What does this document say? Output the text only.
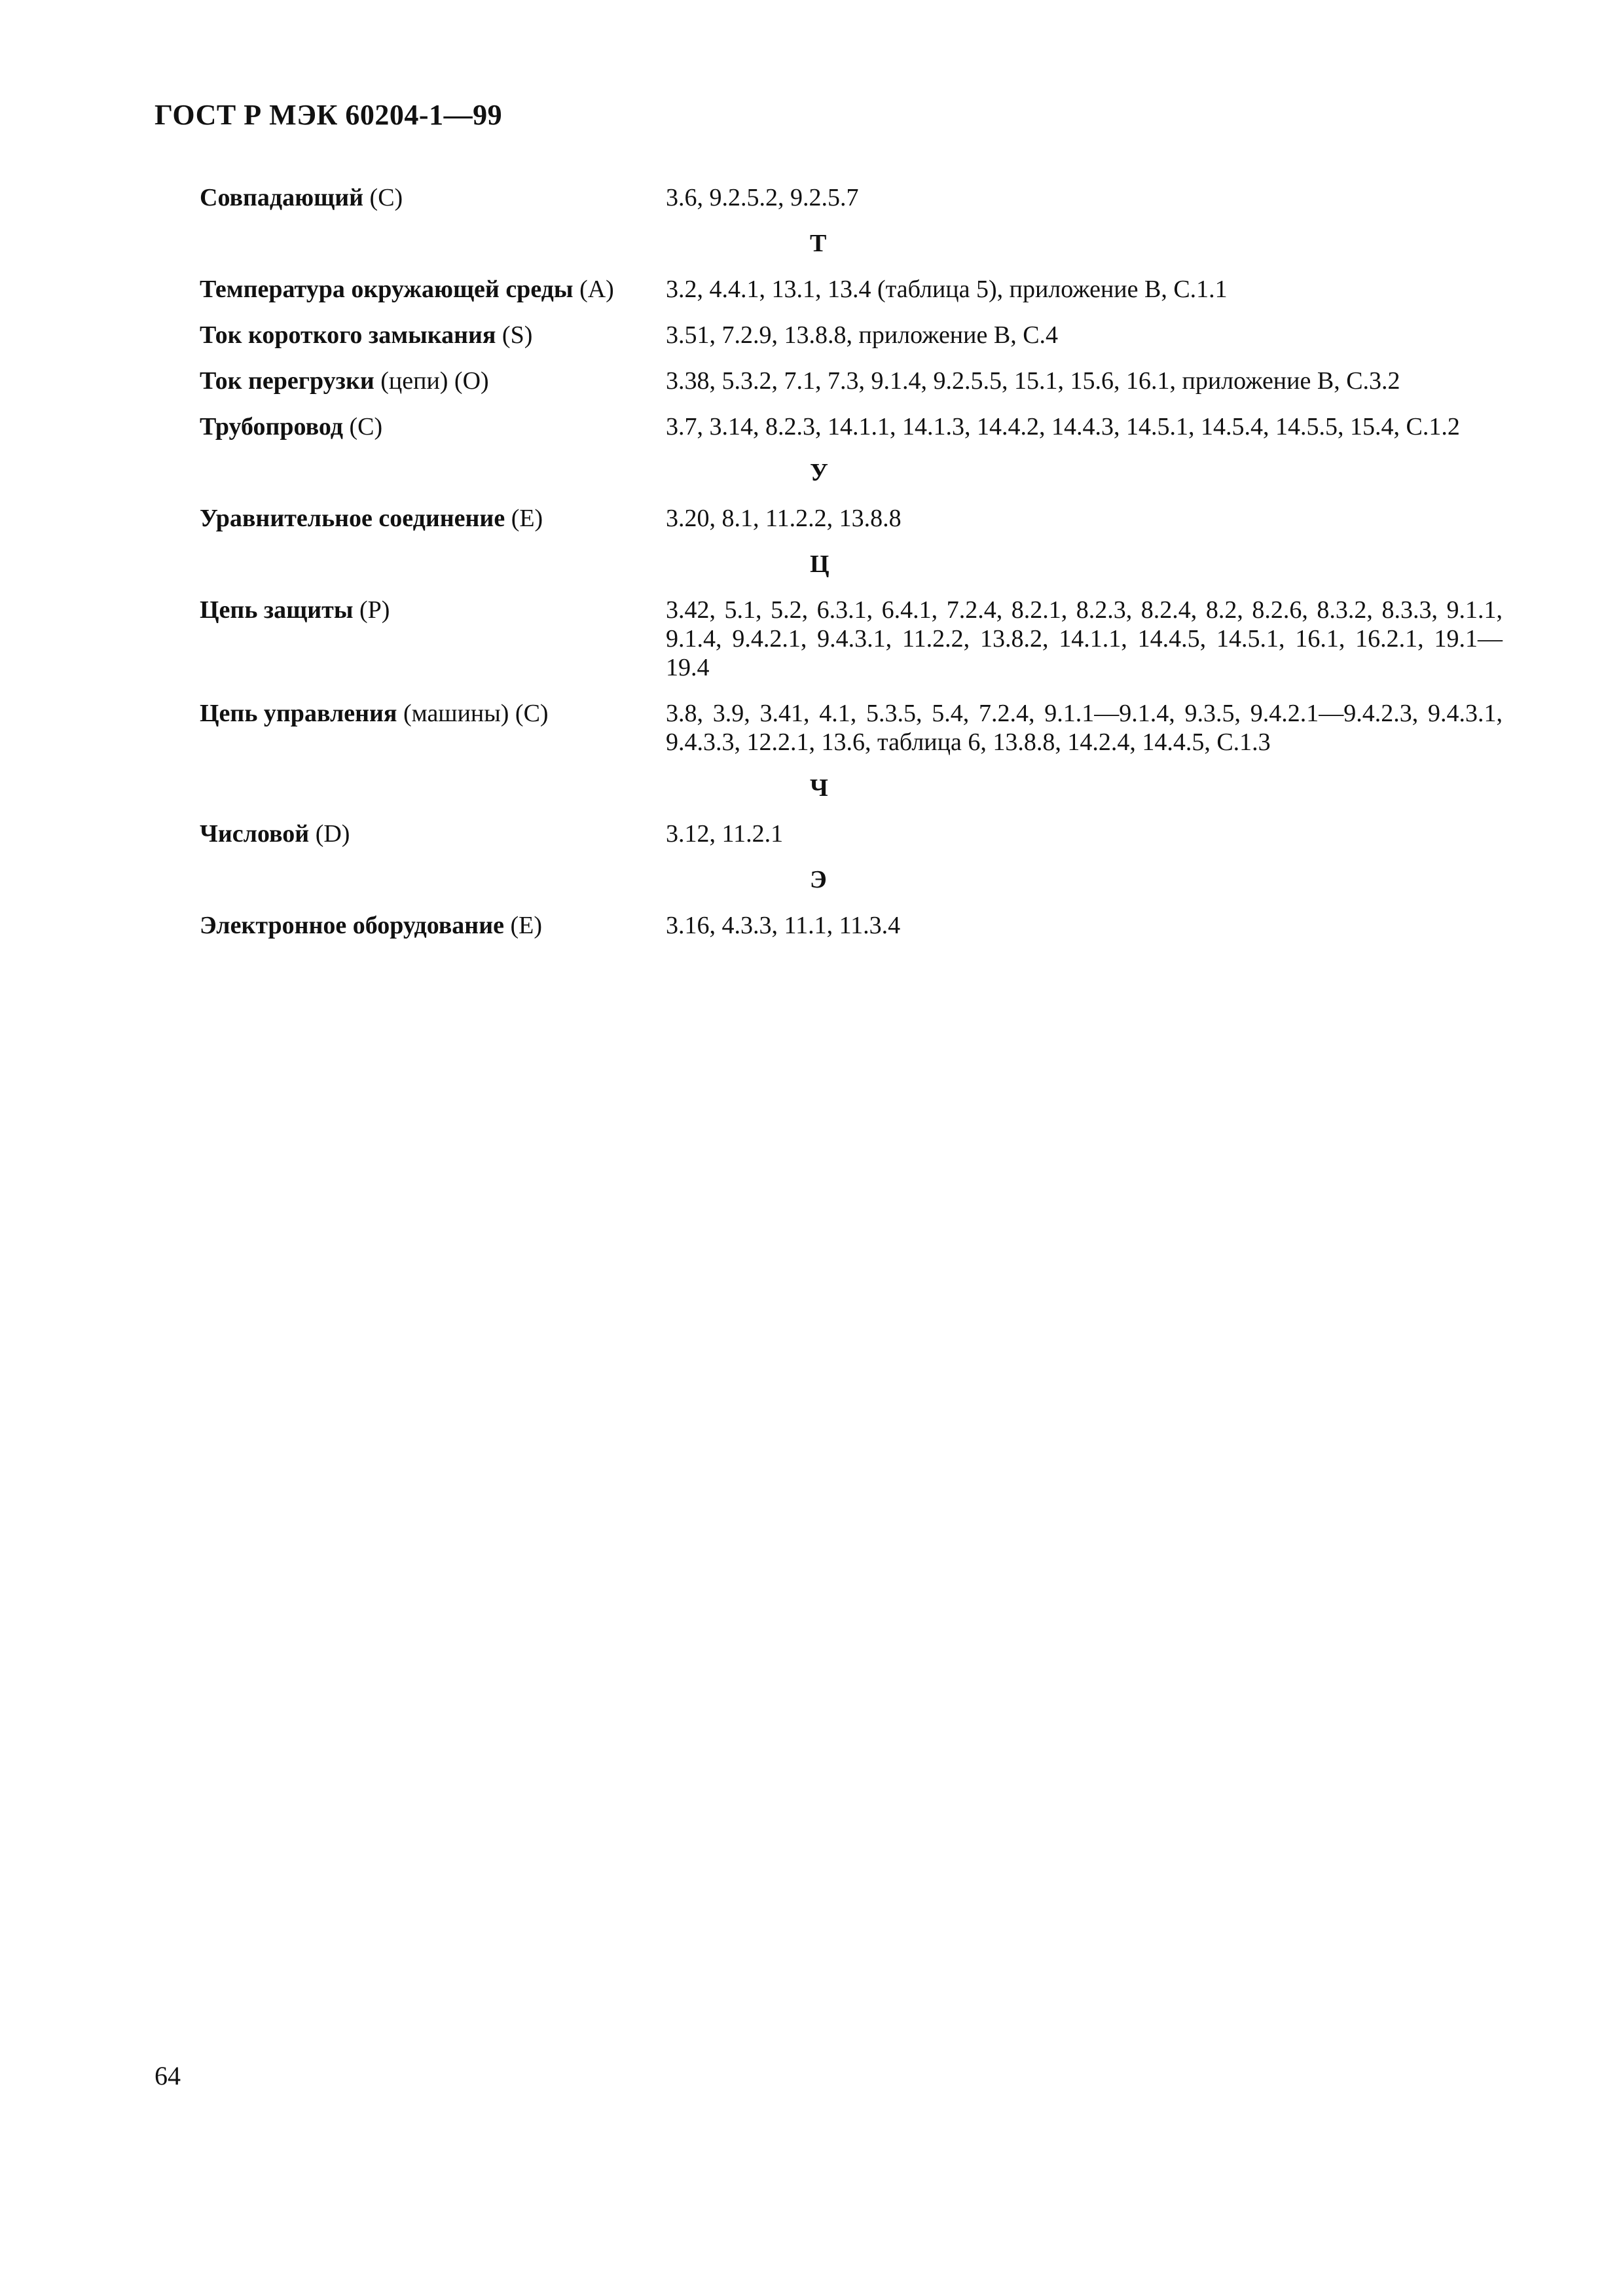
ГОСТ Р МЭК 60204-1—99
Совпадающий (С)	3.6, 9.2.5.2, 9.2.5.7
Т
Температура окружающей среды (А)	3.2, 4.4.1, 13.1, 13.4 (таблица 5), приложение В, С.1.1
Ток короткого замыкания (S)	3.51, 7.2.9, 13.8.8, приложение В, С.4
Ток перегрузки (цепи) (О)	3.38, 5.3.2, 7.1, 7.3, 9.1.4, 9.2.5.5, 15.1, 15.6, 16.1, приложение В, С.3.2
Трубопровод (С)	3.7, 3.14, 8.2.3, 14.1.1, 14.1.3, 14.4.2, 14.4.3, 14.5.1, 14.5.4, 14.5.5, 15.4, С.1.2
У
Уравнительное соединение (Е)	3.20, 8.1, 11.2.2, 13.8.8
Ц
Цепь защиты (Р)	3.42, 5.1, 5.2, 6.3.1, 6.4.1, 7.2.4, 8.2.1, 8.2.3, 8.2.4, 8.2, 8.2.6, 8.3.2, 8.3.3, 9.1.1, 9.1.4, 9.4.2.1, 9.4.3.1, 11.2.2, 13.8.2, 14.1.1, 14.4.5, 14.5.1, 16.1, 16.2.1, 19.1—19.4
Цепь управления (машины) (С)	3.8, 3.9, 3.41, 4.1, 5.3.5, 5.4, 7.2.4, 9.1.1—9.1.4, 9.3.5, 9.4.2.1—9.4.2.3, 9.4.3.1, 9.4.3.3, 12.2.1, 13.6, таблица 6, 13.8.8, 14.2.4, 14.4.5, С.1.3
Ч
Числовой (D)	3.12, 11.2.1
Э
Электронное оборудование (Е)	3.16, 4.3.3, 11.1, 11.3.4
64
